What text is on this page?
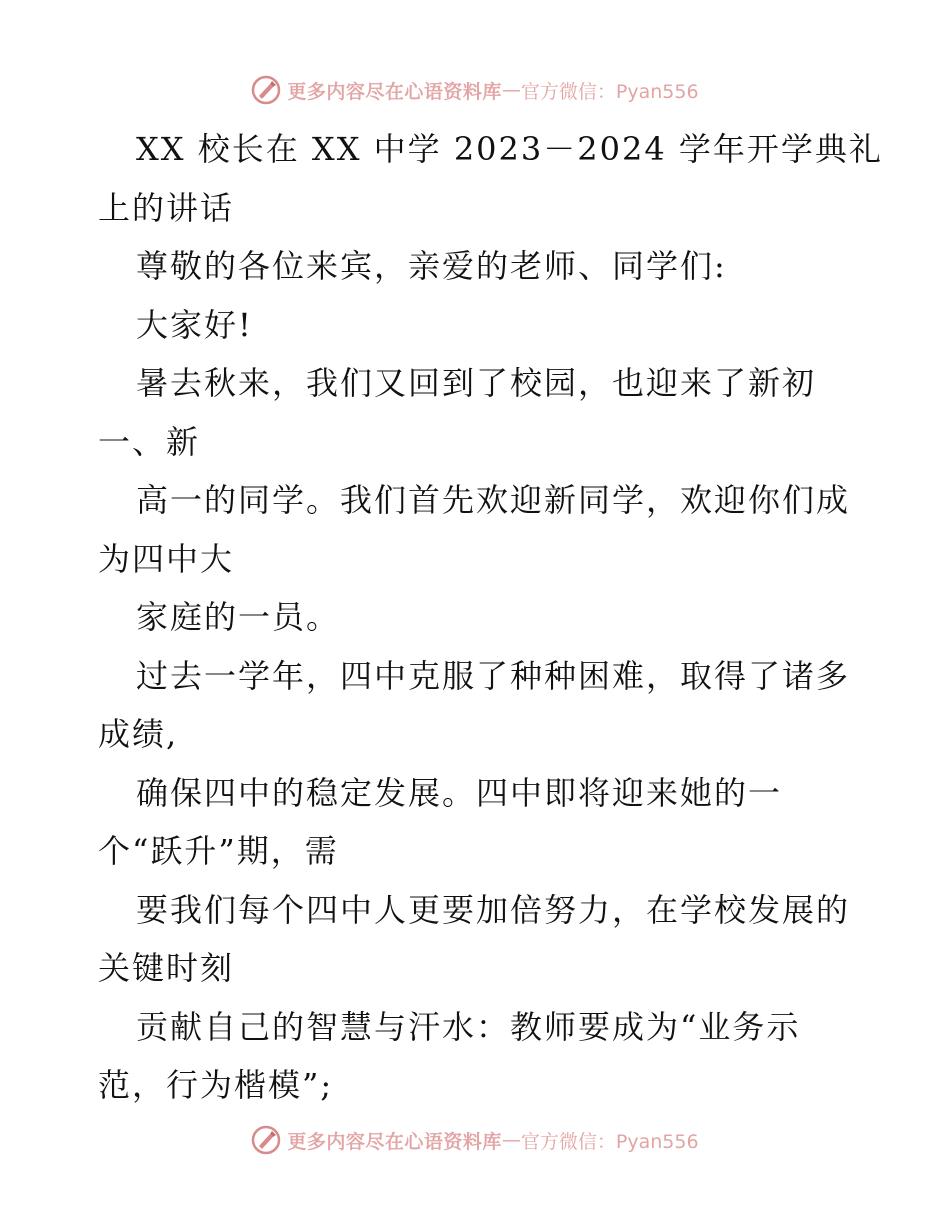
更多内容尽在心语资料库 — 官方微信：Pyan556
XX 校长在 XX 中学 2023－2024 学年开学典礼
上的讲话
尊敬的各位来宾，亲爱的老师、同学们:
大家好!
暑去秋来，我们又回到了校园，也迎来了新初
一、新
高一的同学。我们首先欢迎新同学，欢迎你们成
为四中大
家庭的一员。
过去一学年，四中克服了种种困难，取得了诸多
成绩,
确保四中的稳定发展。四中即将迎来她的一
个“跃升”期，需
要我们每个四中人更要加倍努力，在学校发展的
关键时刻
贡献自己的智慧与汗水：教师要成为“业务示
范，行为楷模”;
更多内容尽在心语资料库 — 官方微信：Pyan556
